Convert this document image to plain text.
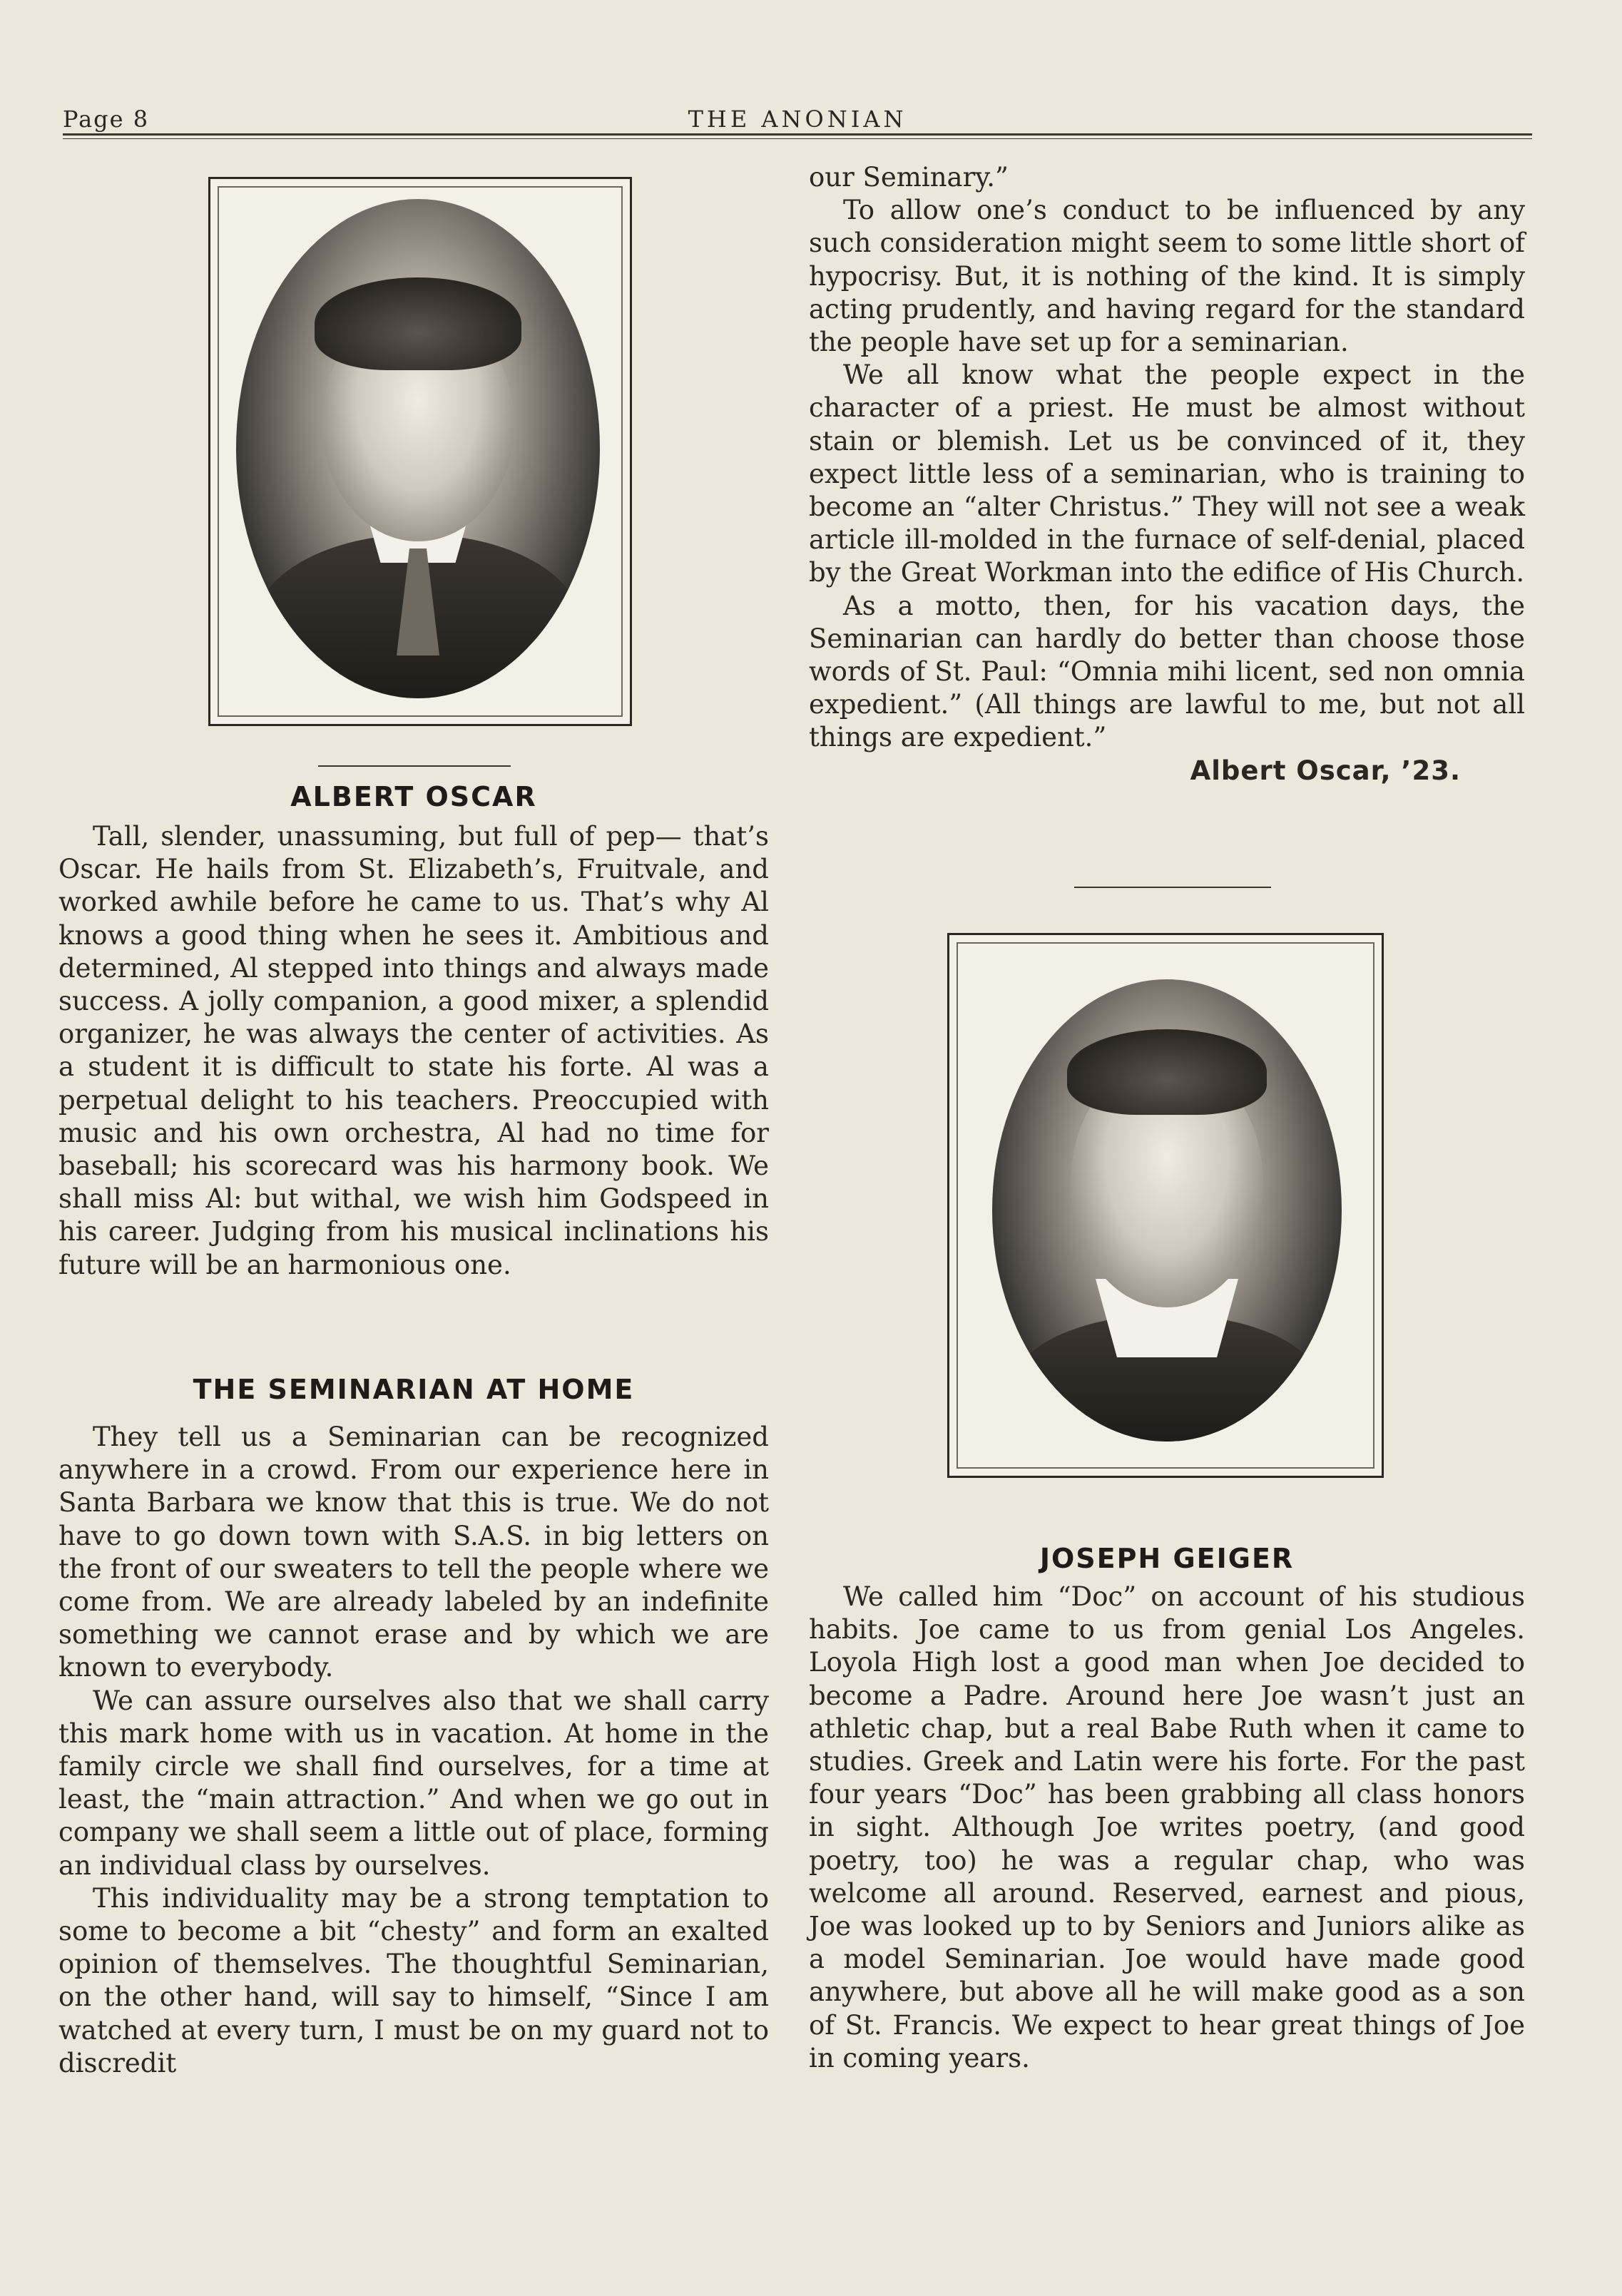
Page 8	THE ANONIAN
ALBERT OSCAR

Tall, slender, unassuming, but full of pep— that’s Oscar. He hails from St. Elizabeth’s, Fruitvale, and worked awhile before he came to us. That’s why Al knows a good thing when he sees it. Ambitious and determined, Al stepped into things and always made success. A jolly companion, a good mixer, a splendid organizer, he was always the center of activities. As a student it is difficult to state his forte. Al was a perpetual delight to his teachers. Preoccupied with music and his own orchestra, Al had no time for baseball; his scorecard was his harmony book. We shall miss Al: but withal, we wish him Godspeed in his career. Judging from his musical inclinations his future will be an harmonious one.

THE SEMINARIAN AT HOME

They tell us a Seminarian can be recognized anywhere in a crowd. From our experience here in Santa Barbara we know that this is true. We do not have to go down town with S.A.S. in big letters on the front of our sweaters to tell the people where we come from. We are already labeled by an indefinite something we cannot erase and by which we are known to everybody.

We can assure ourselves also that we shall carry this mark home with us in vacation. At home in the family circle we shall find ourselves, for a time at least, the “main attraction.” And when we go out in company we shall seem a little out of place, forming an individual class by ourselves.

This individuality may be a strong temptation to some to become a bit “chesty” and form an exalted opinion of themselves. The thoughtful Seminarian, on the other hand, will say to himself, “Since I am watched at every turn, I must be on my guard not to discredit

our Seminary.”

To allow one’s conduct to be influenced by any such consideration might seem to some little short of hypocrisy. But, it is nothing of the kind. It is simply acting prudently, and having regard for the standard the people have set up for a seminarian.

We all know what the people expect in the character of a priest. He must be almost without stain or blemish. Let us be convinced of it, they expect little less of a seminarian, who is training to become an “alter Christus.” They will not see a weak article ill-molded in the furnace of self-denial, placed by the Great Workman into the edifice of His Church.

As a motto, then, for his vacation days, the Seminarian can hardly do better than choose those words of St. Paul: “Omnia mihi licent, sed non omnia expedient.” (All things are lawful to me, but not all things are expedient.”

Albert Oscar, ’23.

JOSEPH GEIGER

We called him “Doc” on account of his studious habits. Joe came to us from genial Los Angeles. Loyola High lost a good man when Joe decided to become a Padre. Around here Joe wasn’t just an athletic chap, but a real Babe Ruth when it came to studies. Greek and Latin were his forte. For the past four years “Doc” has been grabbing all class honors in sight. Although Joe writes poetry, (and good poetry, too) he was a regular chap, who was welcome all around. Reserved, earnest and pious, Joe was looked up to by Seniors and Juniors alike as a model Seminarian. Joe would have made good anywhere, but above all he will make good as a son of St. Francis. We expect to hear great things of Joe in coming years.
